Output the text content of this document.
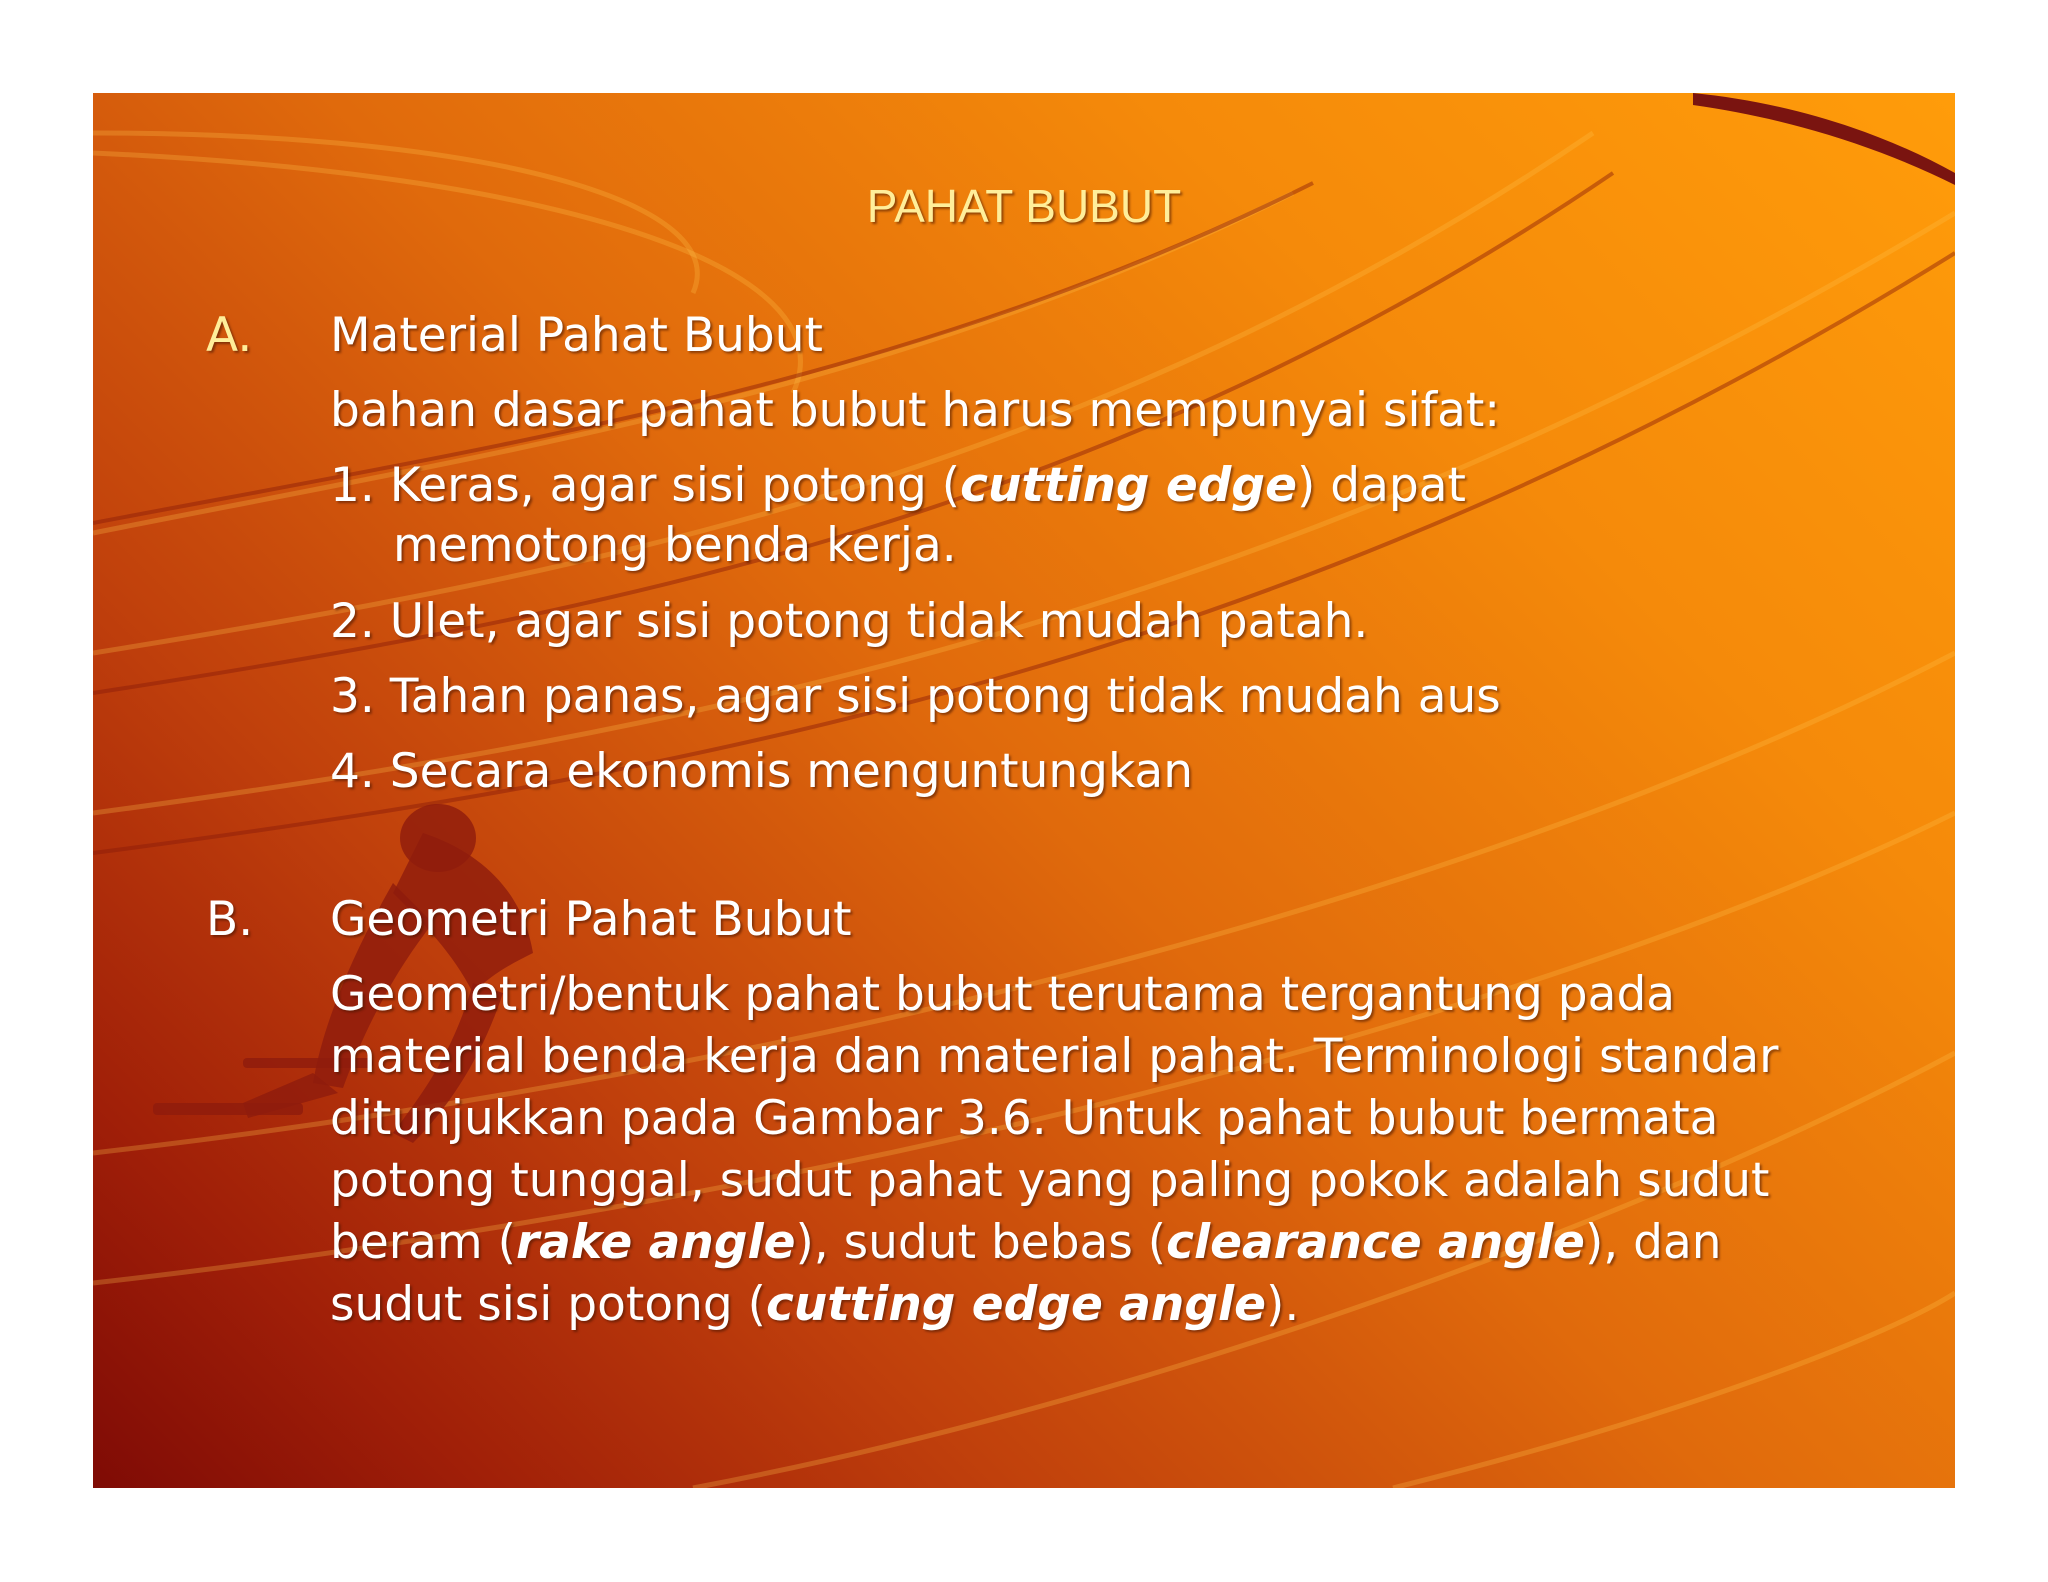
PAHAT BUBUT
A. Material Pahat Bubut
bahan dasar pahat bubut harus mempunyai sifat:
1. Keras, agar sisi potong (cutting edge) dapat
memotong benda kerja.
2. Ulet, agar sisi potong tidak mudah patah.
3. Tahan panas, agar sisi potong tidak mudah aus
4. Secara ekonomis menguntungkan
B. Geometri Pahat Bubut
Geometri/bentuk pahat bubut terutama tergantung pada material benda kerja dan material pahat. Terminologi standar ditunjukkan pada Gambar 3.6. Untuk pahat bubut bermata potong tunggal, sudut pahat yang paling pokok adalah sudut beram (rake angle), sudut bebas (clearance angle), dan sudut sisi potong (cutting edge angle).
